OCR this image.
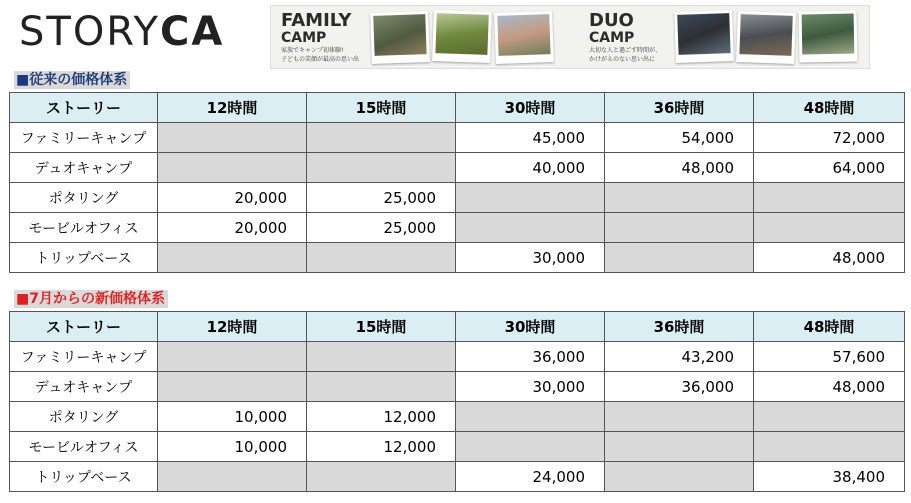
STORYCA	FAMILY
CAMP
家族でキャンプ初体験!
子どもの笑顔が最高の思い出
DUO
CAMP
大切な人と過ごす時間が、
かけがえのない思い出に
■従来の価格体系
ストーリー	12時間	15時間	30時間	36時間	48時間
ファミリーキャンプ			45,000	54,000	72,000
デュオキャンプ			40,000	48,000	64,000
ポタリング	20,000	25,000			
モービルオフィス	20,000	25,000			
トリップベース			30,000		48,000
■7月からの新価格体系
ストーリー	12時間	15時間	30時間	36時間	48時間
ファミリーキャンプ			36,000	43,200	57,600
デュオキャンプ			30,000	36,000	48,000
ポタリング	10,000	12,000			
モービルオフィス	10,000	12,000			
トリップベース			24,000		38,400
